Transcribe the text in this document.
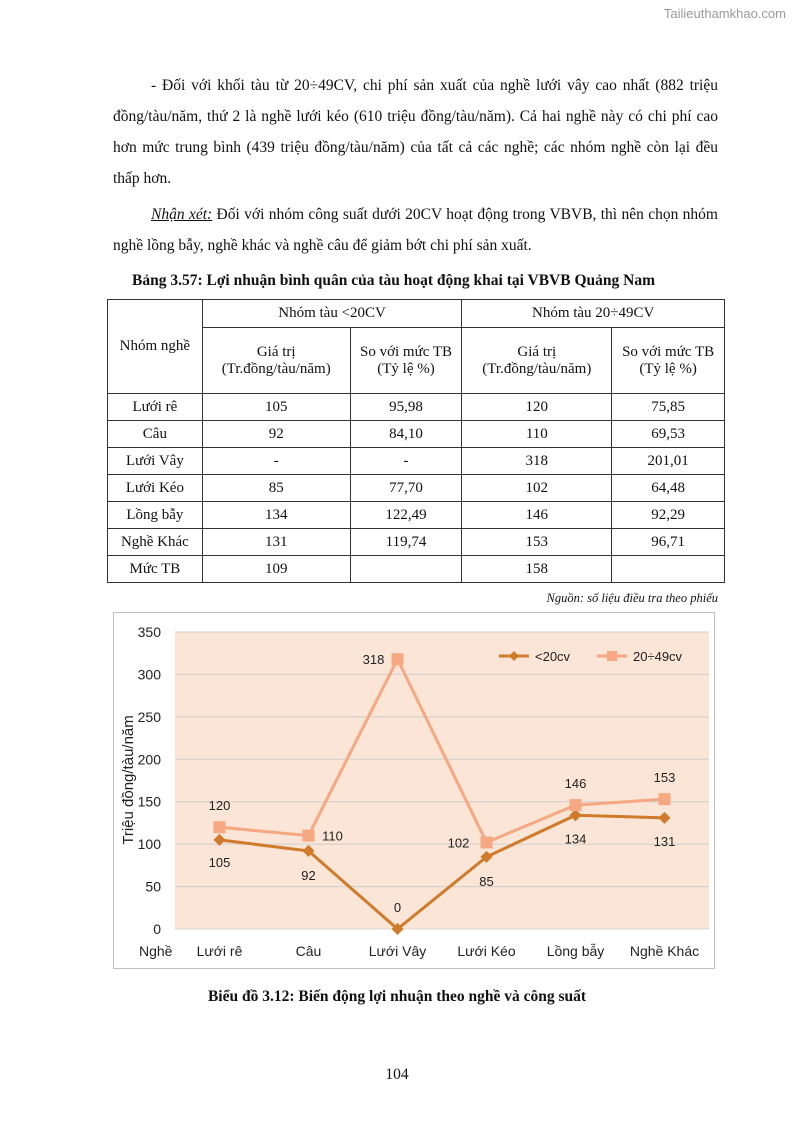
Tailieuthamkhao.com

- Đối với khối tàu từ 20÷49CV, chi phí sản xuất của nghề lưới vây cao nhất (882 triệu đồng/tàu/năm, thứ 2 là nghề lưới kéo (610 triệu đồng/tàu/năm). Cả hai nghề này có chi phí cao hơn mức trung bình (439 triệu đồng/tàu/năm) của tất cả các nghề; các nhóm nghề còn lại đều thấp hơn.

Nhận xét: Đối với nhóm công suất dưới 20CV hoạt động trong VBVB, thì nên chọn nhóm nghề lồng bẫy, nghề khác và nghề câu để giảm bớt chi phí sản xuất.

Bảng 3.57: Lợi nhuận bình quân của tàu hoạt động khai tại VBVB Quảng Nam
Nhóm nghề	Nhóm tàu <20CV		Nhóm tàu 20÷49CV	
	Giá trị (Tr.đồng/tàu/năm)	So với mức TB (Tỷ lệ %)	Giá trị (Tr.đồng/tàu/năm)	So với mức TB (Tỷ lệ %)
Lưới rê	105	95,98	120	75,85
Câu	92	84,10	110	69,53
Lưới Vây	-	-	318	201,01
Lưới Kéo	85	77,70	102	64,48
Lồng bẫy	134	122,49	146	92,29
Nghề Khác	131	119,74	153	96,71
Mức TB	109		158	
Nguồn: số liệu điều tra theo phiếu
0
50
100
150
200
250
300
350
Lưới rê	Câu	Lưới Vây Lưới Kéo Lồng bẫy Nghề Khác
105
92
0
85
134	131
120
110
318
102
146	153
<20cv	20÷49cv
Triệu đồng/tàu/năm
Nghề
Biểu đồ 3.12: Biến động lợi nhuận theo nghề và công suất
104
